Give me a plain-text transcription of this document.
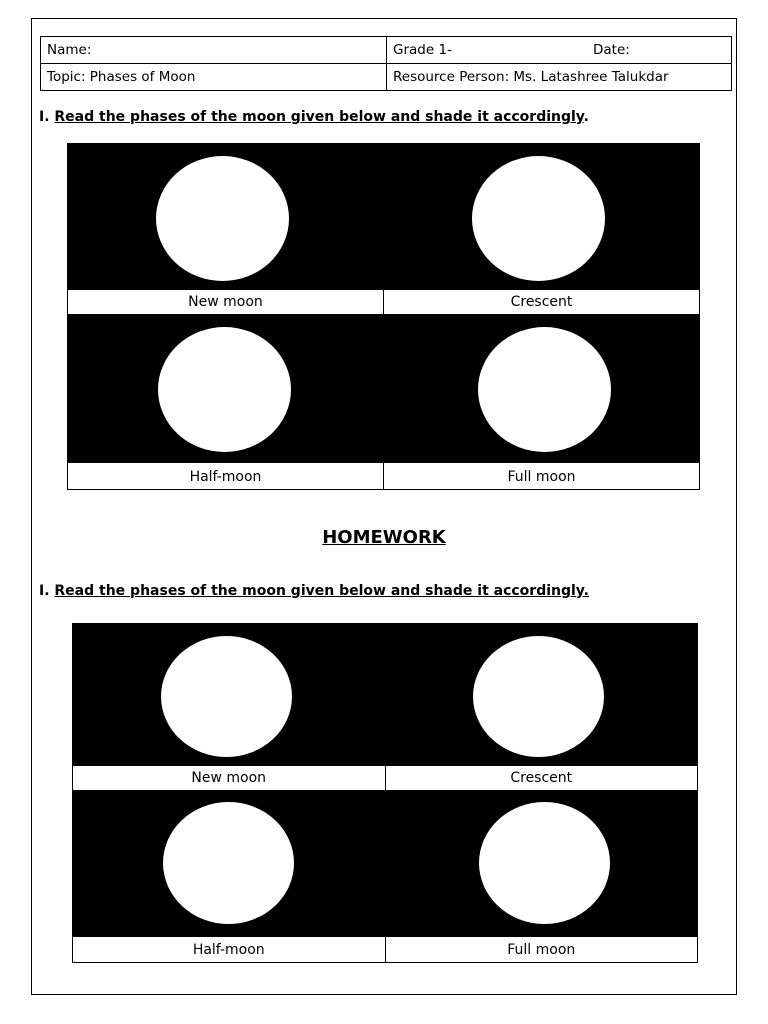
Name:	Grade 1- Date:

Topic: Phases of Moon	Resource Person: Ms. Latashree Talukdar
I. Read the phases of the moon given below and shade it accordingly.
New moon	Crescent
Half-moon	Full moon
HOMEWORK
I. Read the phases of the moon given below and shade it accordingly.
New moon	Crescent
Half-moon	Full moon
